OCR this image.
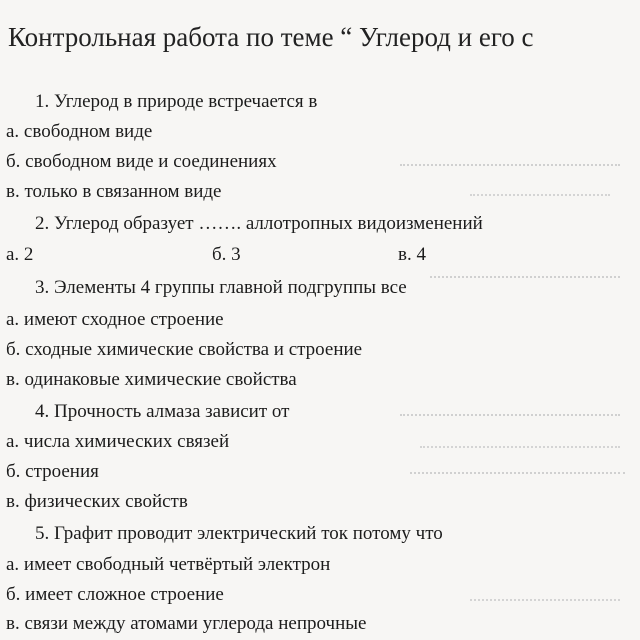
Контрольная работа по теме “ Углерод и его с
1. Углерод в природе встречается в
а. свободном виде
б. свободном виде и соединениях
в. только в связанном виде
2. Углерод образует ……. аллотропных видоизменений
а. 2	б. 3	в. 4
3. Элементы 4 группы главной подгруппы все
а. имеют сходное строение
б. сходные химические свойства и строение
в. одинаковые химические свойства
4. Прочность алмаза зависит от
а. числа химических связей
б. строения
в. физических свойств
5. Графит проводит электрический ток потому что
а. имеет свободный четвёртый электрон
б. имеет сложное строение
в. связи между атомами углерода непрочные
